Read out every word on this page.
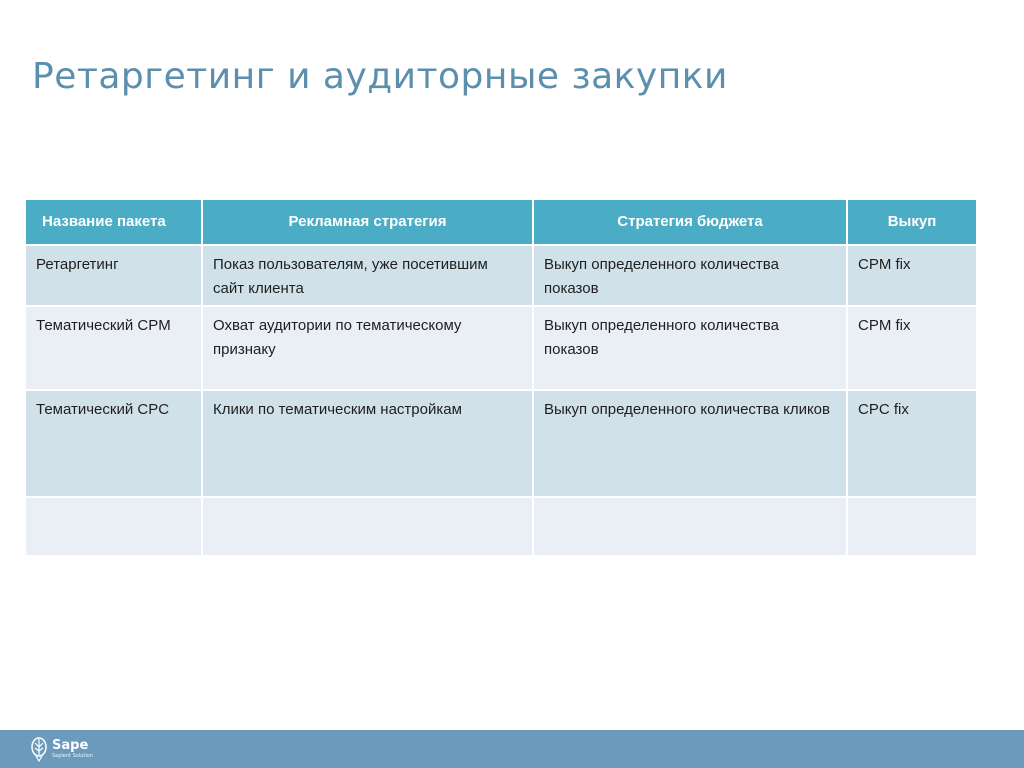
Ретаргетинг и аудиторные закупки
Название пакета	Рекламная стратегия	Стратегия бюджета	Выкуп
Ретаргетинг	Показ пользователям, уже посетившим сайт клиента	Выкуп определенного количества показов	CPM fix
Тематический CPM	Охват аудитории по тематическому признаку	Выкуп определенного количества показов	CPM fix
Тематический CPC	Клики по тематическим настройкам	Выкуп определенного количества кликов	CPC fix

Sape
Sapient Solution
